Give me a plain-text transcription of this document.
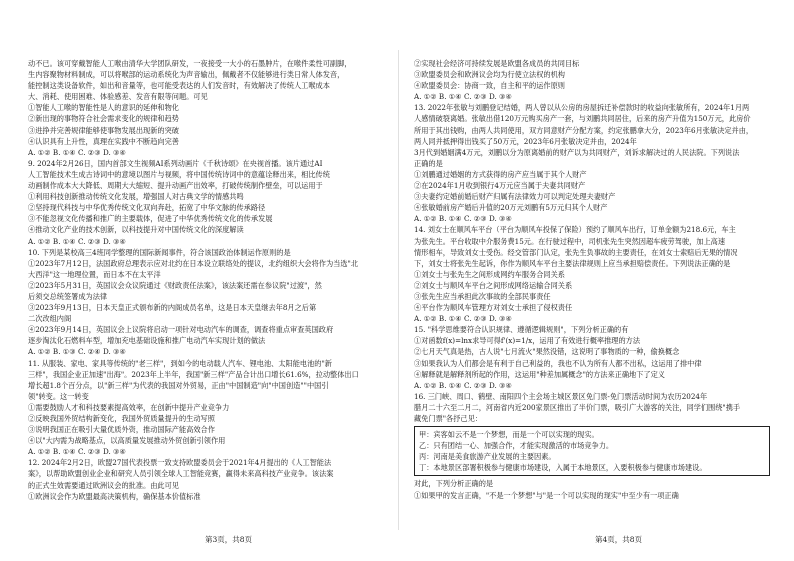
动不已。该可穿戴智能人工喉由清华大学团队研发，一夜接受一大小的石墨肿片，在喉件柔性可副脚，
生内容聚物材料制成，可以将喉部的运动系统化为声音输出，佩戴者不仅能够进行类日常人体发音，
能控制这类设备软件，如出和音量等，也可能受表达的人们发音时，有效解决了传统人工喉成本
大、消耗、使用困难、体验感差、发音有限等问题。可见
①智能人工喉的智能性是人的意识的延伸和物化
②新出现的事物符合社会需求变化的规律和趋势
③进挣并完善规律能够使事物发展出现新的突破
④认识具有上升性，真理在实践中不断趋向完善
A. ①② B. ①④ C. ②③ D. ③④
9. 2024年2月26日，国内首部文生视频AI系列动画片《千秋诗颂》在央视首播。该片通过AI
人工智能技术生成古诗词中的意境以图片与视频，将中国传统诗词中的意蕴诠释出来，相比传统
动画制作成本大大降低、周期大大缩短、提升动画产出效率，打破传统制作壁垒，可以运用于
①利用科技创新推动传统文化发展，增强国人对古典文学的情感共鸣
②坚持现代科技与中华优秀传统文化双向奔赴，拓宽了中华文脉的传承路径
③不能忽视文化传播和推广的主要载体，促进了中华优秀传统文化的传承发展
④推动文化产业的技术创新，以科技提升对中国传统文化的深度解读
A. ①② B. ①④ C. ②③ D. ③④
10. 下列是某校高三4班同学整理的国际新闻事件，符合该国政治体制运作原则的是
①2023年7月12日，法国政府总理表示应对北约在日本设立联络处的提议，北约组织大会将作为当选"北
大西洋"这一地理位置，而日本不在太平洋
②2023年5月31日，英国议会众议院通过《财政责任法案》，该法案还需在参议院"过渡"，然
后须交总统签署成为法律
③2023年9月13日，日本天皇正式颁布新的内阁成员名单，这是日本天皇继去年8月之后第
二次改组内阁
④2023年9月14日，英国议会上议院将启动一项针对电动汽车的调查，调查将重点审查英国政府
逐步淘汰化石燃料车型，增加充电基础设施和推广电动汽车实现计划的做法
A. ①② B. ①③ C. ②④ D. ③④
11. 从服装、家电、家具等传统的"老三样"，到如今的电动载人汽车、锂电池、太阳能电池的"新
三样"，我国企业正加速"出海"。2023年上半年，我国"新三样"产品合计出口增长61.6%，拉动整体出口
增长超1.8个百分点，以"新三样"为代表的我国对外贸易，正由"中国制造"向"中国创造""中国引
领"转变。这一转变
①需要鼓励人才和科技要素提高效率，在创新中提升产业竞争力
②反映我国外贸结构新变化，我国外贸质量提升的生动写照
③说明我国正在吸引大量优质外资，推动国际产能高效合作
④以"大内需为战略基点，以高质量发展推动外贸创新引领作用
A. ①② B. ①④ C. ②③ D. ③④
12. 2024年2月2日，欧盟27国代表投票一致支持欧盟委员会于2021年4月提出的《人工智能法
案》，以帮助欧盟创业企业和研究人员引领全球人工智能竞赛，赢得未来高科技产业竞争。该法案
的正式生效需要通过欧洲议会的批准。由此可见
①欧洲议会作为欧盟最高决策机构，确保基本价值标准
②实现社会经济可持续发展是欧盟各成员的共同目标
③欧盟委员会和欧洲议会均为行使立法权的机构
④欧盟委员会：协商一致，自主和平的运作原则
A. ①② B. ①④ C. ②③ D. ③④
13. 2022年张敏与刘鹏登记结婚，两人曾以从公房的房屋拆迁补偿款时的收益向张敏所有，2024年1月两
人感情破裂离婚。张敏出借120万元购买房产一套，与刘鹏共同居住，后来的房产升值为150万元，此房价
所用于其出钱购，由两人共同使用，双方同意财产分配方案，约定张鹏拿大分，2023年6月张敏决定并由，
两人同并抵押得出钱买了50万元，2023年6月张敏决定并由，2024年
3月代到婚姻满4万元，刘鹏以分为原离婚前的财产以为共同财产，刘诉求解决过的人民法院。下列说法
正确的是
①刘鹏通过婚姻的方式获得的房产应当属于其个人财产
②在2024年1月收到银行4万元应当属于夫妻共同财产
③夫妻约定婚前婚后财产归属有法律效力可以判定处理夫妻财产
④张敏婚前房产婚后升值的20万元刘鹏有5万元归其个人财产
A. ①② B. ①④ C. ②③ D. ③④
14. 刘女士在顺风车平台（平台为顺风车投保了保险）预约了顺风车出行，订单金额为218.6元，车主
为张先生。平台收取中介服务费15元。在行驶过程中，司机张先生突然因超车疲劳驾驶，加上高速
情形相车，导致刘女士受伤。经交管部门认定，张先生负事故的主要责任，在刘女士索赔后无果的情况
下，刘女士将张先生起诉，你作为顺风车平台主要法律规则上应当承担赔偿责任。下列说法正确的是
①刘女士与张先生之间形成网约车服务合同关系
②刘女士与顺风车平台之间形成网络运输合同关系
③张先生应当承担此次事故的全部民事责任
④平台作为顺风车管理方对刘女士承担了侵权责任
A. ①② B. ①④ C. ②③ D. ③④
15. "科学思维要符合认识规律、遵循逻辑规则"，下列分析正确的有
①对函数f(x)=lnx求导可得f'(x)=1/x，运用了有效进行概率推理的方法
②七月天气真是热，古人说"七月流火"果然没错，这说明了事物质的一种，偷换概念
③如果我认为人们都会是有利于自己利益的，我也不认为所有人都不出私，这运用了排中律
④解释就是解释剂所起的作用，这运用"种差加属概念"的方法来正确地下了定义
A. ①② B. ①④ C. ②③ D. ③④
16. 三门峡、周口、鹤壁、南阳四个主会场主城区景区免门票-免门票活动时间为农历2024年
腊月二十六至二月二，河南省内近200家景区推出了半价门票，吸引广大游客的关注，同学们围绕"携手
藏免门票"各抒己见：
甲：宾客如云不是一个梦想，而是一个可以实现的现实。
乙：只有团结一心、加强合作，才能实现激活的市场竞争力。
丙：河南是美食旅游产业发展的主要因素。
丁：本地景区部署积极参与健康市场建设，入属于本地景区，入要积极参与健康市场建设。
对此，下列分析正确的是
①如果甲的发言正确，"不是一个梦想"与"是一个可以实现的现实"中至少有一项正确
第3页，共8页	第4页，共8页
